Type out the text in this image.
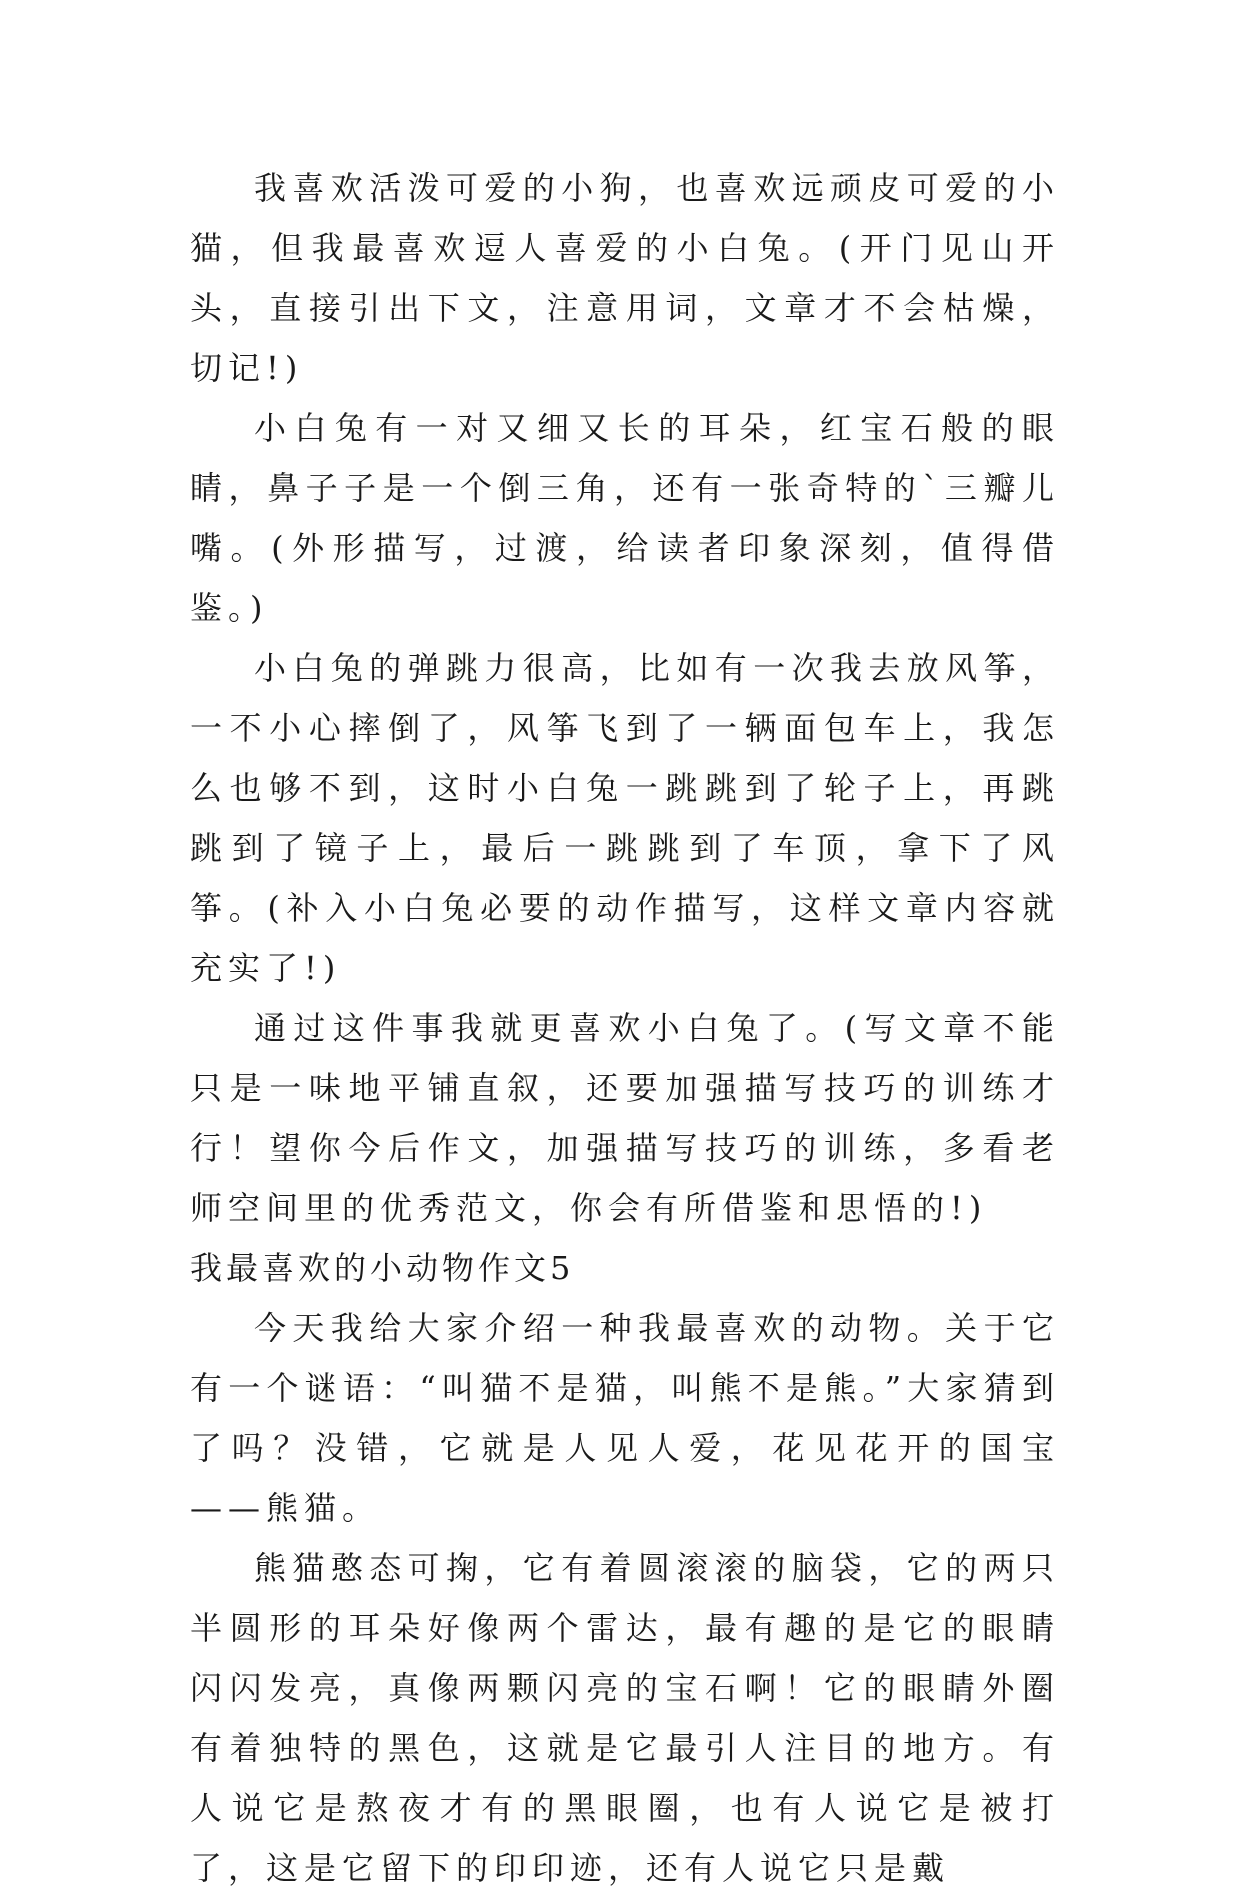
我喜欢活泼可爱的小狗，也喜欢远顽皮可爱的小猫，但我最喜欢逗人喜爱的小白兔。(开门见山开头，直接引出下文，注意用词，文章才不会枯燥，切记!)

小白兔有一对又细又长的耳朵，红宝石般的眼睛，鼻子子是一个倒三角，还有一张奇特的`三瓣儿嘴。(外形描写，过渡，给读者印象深刻，值得借鉴。)

小白兔的弹跳力很高，比如有一次我去放风筝，一不小心摔倒了，风筝飞到了一辆面包车上，我怎么也够不到，这时小白兔一跳跳到了轮子上，再跳跳到了镜子上，最后一跳跳到了车顶，拿下了风筝。(补入小白兔必要的动作描写，这样文章内容就充实了!)

通过这件事我就更喜欢小白兔了。(写文章不能只是一味地平铺直叙，还要加强描写技巧的训练才行！望你今后作文，加强描写技巧的训练，多看老师空间里的优秀范文，你会有所借鉴和思悟的!)

我最喜欢的小动物作文5

今天我给大家介绍一种我最喜欢的动物。关于它有一个谜语：“叫猫不是猫，叫熊不是熊。”大家猜到了吗？没错，它就是人见人爱，花见花开的国宝——熊猫。

熊猫憨态可掬，它有着圆滚滚的脑袋，它的两只半圆形的耳朵好像两个雷达，最有趣的是它的眼睛闪闪发亮，真像两颗闪亮的宝石啊！它的眼睛外圈有着独特的黑色，这就是它最引人注目的地方。有人说它是熬夜才有的黑眼圈，也有人说它是被打了，这是它留下的印印迹，还有人说它只是戴
